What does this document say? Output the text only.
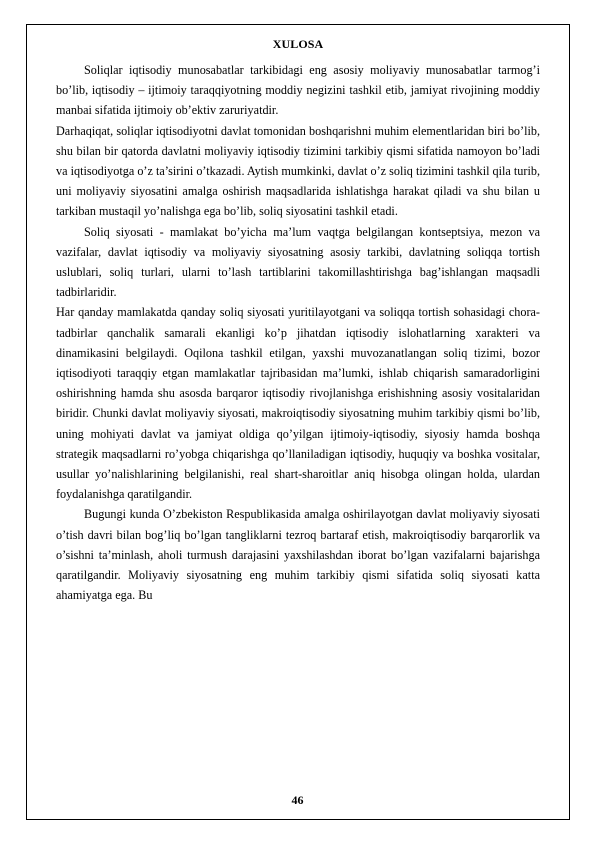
XULOSA

Soliqlar iqtisodiy munosabatlar tarkibidagi eng asosiy moliyaviy munosabatlar tarmog’i bo’lib, iqtisodiy – ijtimoiy taraqqiyotning moddiy negizini tashkil etib, jamiyat rivojining moddiy manbai sifatida ijtimoiy ob’ektiv zaruriyatdir.

Darhaqiqat, soliqlar iqtisodiyotni davlat tomonidan boshqarishni muhim elementlaridan biri bo’lib, shu bilan bir qatorda davlatni moliyaviy iqtisodiy tizimini tarkibiy qismi sifatida namoyon bo’ladi va iqtisodiyotga o’z ta’sirini o’tkazadi. Aytish mumkinki, davlat o’z soliq tizimini tashkil qila turib, uni moliyaviy siyosatini amalga oshirish maqsadlarida ishlatishga harakat qiladi va shu bilan u tarkiban mustaqil yo’nalishga ega bo’lib, soliq siyosatini tashkil etadi.

Soliq siyosati - mamlakat bo’yicha ma’lum vaqtga belgilangan kontseptsiya, mezon va vazifalar, davlat iqtisodiy va moliyaviy siyosatning asosiy tarkibi, davlatning soliqqa tortish uslublari, soliq turlari, ularni to’lash tartiblarini takomillashtirishga bag’ishlangan maqsadli tadbirlaridir.

Har qanday mamlakatda qanday soliq siyosati yuritilayotgani va soliqqa tortish sohasidagi chora-tadbirlar qanchalik samarali ekanligi ko’p jihatdan iqtisodiy islohatlarning xarakteri va dinamikasini belgilaydi. Oqilona tashkil etilgan, yaxshi muvozanatlangan soliq tizimi, bozor iqtisodiyoti taraqqiy etgan mamlakatlar tajribasidan ma’lumki, ishlab chiqarish samaradorligini oshirishning hamda shu asosda barqaror iqtisodiy rivojlanishga erishishning asosiy vositalaridan biridir. Chunki davlat moliyaviy siyosati, makroiqtisodiy siyosatning muhim tarkibiy qismi bo’lib, uning mohiyati davlat va jamiyat oldiga qo’yilgan ijtimoiy-iqtisodiy, siyosiy hamda boshqa strategik maqsadlarni ro’yobga chiqarishga qo’llaniladigan iqtisodiy, huquqiy va boshka vositalar, usullar yo’nalishlarining belgilanishi, real shart-sharoitlar aniq hisobga olingan holda, ulardan foydalanishga qaratilgandir.

Bugungi kunda O’zbekiston Respublikasida amalga oshirilayotgan davlat moliyaviy siyosati o’tish davri bilan bog’liq bo’lgan tangliklarni tezroq bartaraf etish, makroiqtisodiy barqarorlik va o’sishni ta’minlash, aholi turmush darajasini yaxshilashdan iborat bo’lgan vazifalarni bajarishga qaratilgandir. Moliyaviy siyosatning eng muhim tarkibiy qismi sifatida soliq siyosati katta ahamiyatga ega. Bu

46
